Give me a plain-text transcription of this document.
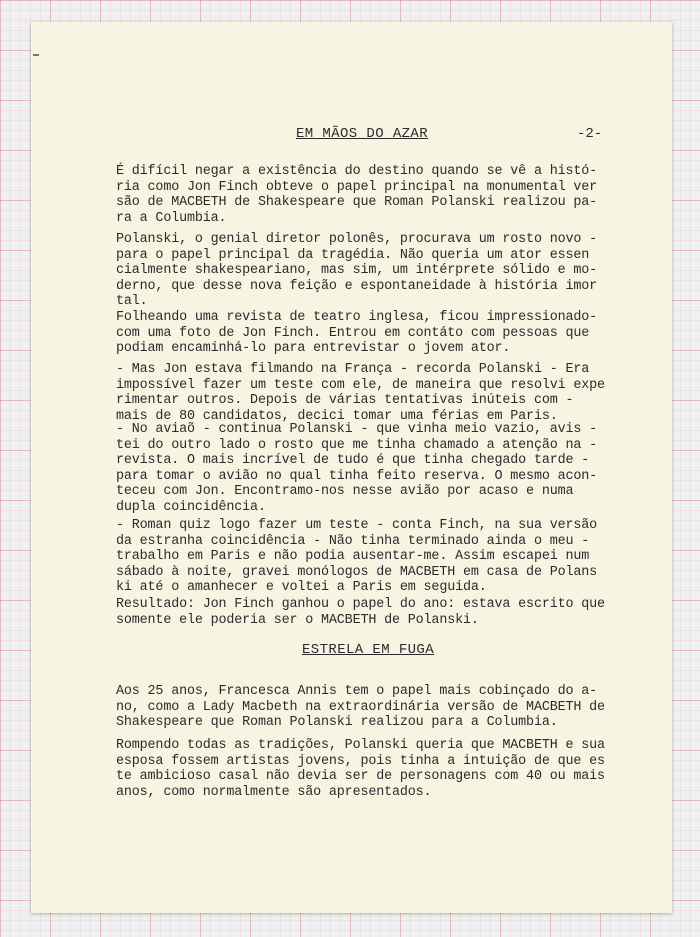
EM MÃOS DO AZAR	-2-

É difícil negar a existência do destino quando se vê a histó-
ria como Jon Finch obteve o papel principal na monumental ver
são de MACBETH de Shakespeare que Roman Polanski realizou pa-
ra a Columbia.

Polanski, o genial diretor polonês, procurava um rosto novo -
para o papel principal da tragédia. Não queria um ator essen
cialmente shakespeariano, mas sim, um intérprete sólido e mo-
derno, que desse nova feição e espontaneidade à história imor
tal.

Folheando uma revista de teatro inglesa, ficou impressionado-
com uma foto de Jon Finch. Entrou em contáto com pessoas que
podiam encaminhá-lo para entrevistar o jovem ator.

- Mas Jon estava filmando na França - recorda Polanski - Era
impossível fazer um teste com ele, de maneira que resolvi expe
rimentar outros. Depois de várias tentativas inúteis com -
mais de 80 candidatos, decici tomar uma férias em Paris.

- No aviaõ - continua Polanski - que vinha meio vazio, avis -
tei do outro lado o rosto que me tinha chamado a atenção na -
revista. O mais incrível de tudo é que tinha chegado tarde -
para tomar o avião no qual tinha feito reserva. O mesmo acon-
teceu com Jon. Encontramo-nos nesse avião por acaso e numa
dupla coincidência.

- Roman quiz logo fazer um teste - conta Finch, na sua versão
da estranha coincidência - Não tinha terminado ainda o meu -
trabalho em Paris e não podia ausentar-me. Assim escapei num
sábado à noite, gravei monólogos de MACBETH em casa de Polans
ki até o amanhecer e voltei a Paris em seguida.

Resultado: Jon Finch ganhou o papel do ano: estava escrito que
somente ele poderia ser o MACBETH de Polanski.

ESTRELA EM FUGA

Aos 25 anos, Francesca Annis tem o papel mais cobinçado do a-
no, como a Lady Macbeth na extraordinária versão de MACBETH de
Shakespeare que Roman Polanski realizou para a Columbia.

Rompendo todas as tradições, Polanski queria que MACBETH e sua
esposa fossem artistas jovens, pois tinha a intuição de que es
te ambicioso casal não devia ser de personagens com 40 ou mais
anos, como normalmente são apresentados.
